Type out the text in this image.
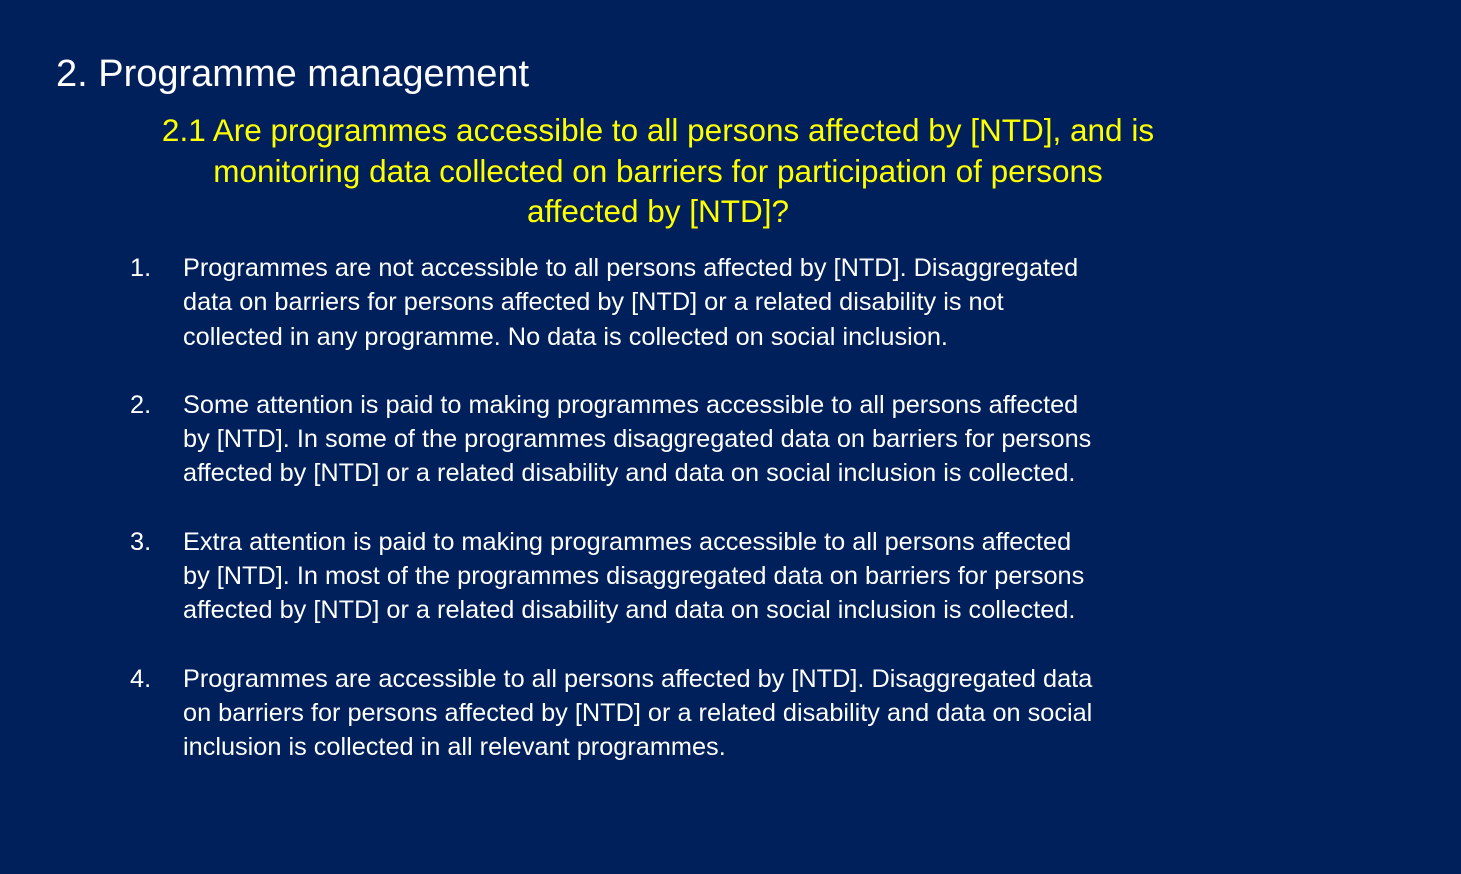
2. Programme management
2.1 Are programmes accessible to all persons affected by [NTD], and is
monitoring data collected on barriers for participation of persons
affected by [NTD]?
1. Programmes are not accessible to all persons affected by [NTD]. Disaggregated
data on barriers for persons affected by [NTD] or a related disability is not
collected in any programme. No data is collected on social inclusion.
2. Some attention is paid to making programmes accessible to all persons affected
by [NTD]. In some of the programmes disaggregated data on barriers for persons
affected by [NTD] or a related disability and data on social inclusion is collected.
3. Extra attention is paid to making programmes accessible to all persons affected
by [NTD]. In most of the programmes disaggregated data on barriers for persons
affected by [NTD] or a related disability and data on social inclusion is collected.
4. Programmes are accessible to all persons affected by [NTD]. Disaggregated data
on barriers for persons affected by [NTD] or a related disability and data on social
inclusion is collected in all relevant programmes.
